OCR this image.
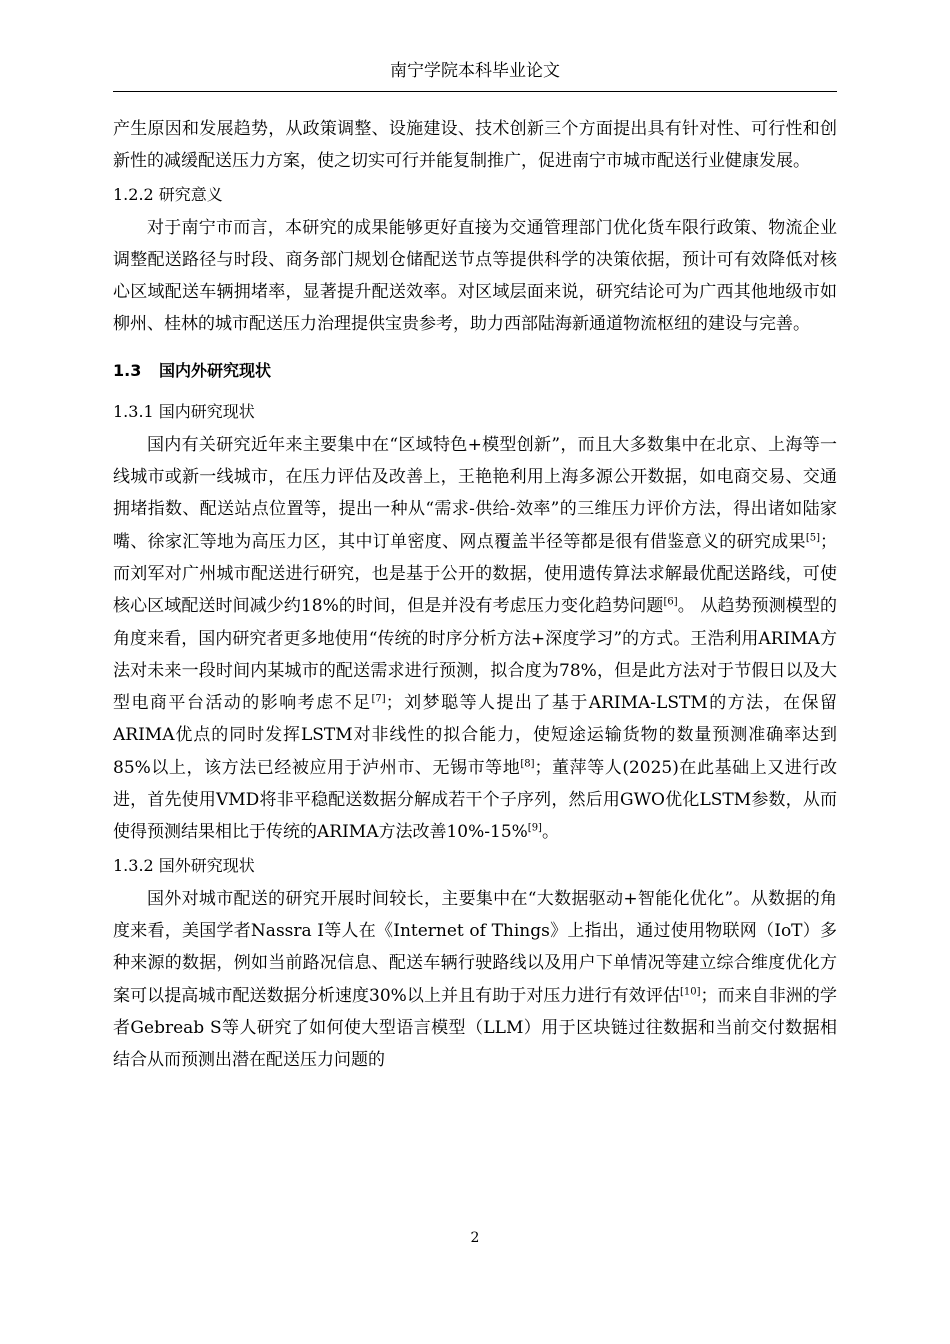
南宁学院本科毕业论文

产生原因和发展趋势，从政策调整、设施建设、技术创新三个方面提出具有针对性、可行性和创新性的减缓配送压力方案，使之切实可行并能复制推广，促进南宁市城市配送行业健康发展。

1.2.2 研究意义

对于南宁市而言，本研究的成果能够更好直接为交通管理部门优化货车限行政策、物流企业调整配送路径与时段、商务部门规划仓储配送节点等提供科学的决策依据，预计可有效降低对核心区域配送车辆拥堵率，显著提升配送效率。对区域层面来说，研究结论可为广西其他地级市如柳州、桂林的城市配送压力治理提供宝贵参考，助力西部陆海新通道物流枢纽的建设与完善。

1.3 国内外研究现状

1.3.1 国内研究现状

国内有关研究近年来主要集中在“区域特色+模型创新”，而且大多数集中在北京、上海等一线城市或新一线城市，在压力评估及改善上，王艳艳利用上海多源公开数据，如电商交易、交通拥堵指数、配送站点位置等，提出一种从“需求-供给-效率”的三维压力评价方法，得出诸如陆家嘴、徐家汇等地为高压力区，其中订单密度、网点覆盖半径等都是很有借鉴意义的研究成果[5]；而刘军对广州城市配送进行研究，也是基于公开的数据，使用遗传算法求解最优配送路线，可使核心区域配送时间减少约18%的时间，但是并没有考虑压力变化趋势问题[6]。 从趋势预测模型的角度来看，国内研究者更多地使用“传统的时序分析方法+深度学习”的方式。王浩利用ARIMA方法对未来一段时间内某城市的配送需求进行预测，拟合度为78%，但是此方法对于节假日以及大型电商平台活动的影响考虑不足[7]；刘梦聪等人提出了基于ARIMA-LSTM的方法，在保留ARIMA优点的同时发挥LSTM对非线性的拟合能力，使短途运输货物的数量预测准确率达到85%以上，该方法已经被应用于泸州市、无锡市等地[8]；董萍等人(2025)在此基础上又进行改进，首先使用VMD将非平稳配送数据分解成若干个子序列，然后用GWO优化LSTM参数，从而使得预测结果相比于传统的ARIMA方法改善10%-15%[9]。

1.3.2 国外研究现状

国外对城市配送的研究开展时间较长，主要集中在“大数据驱动+智能化优化”。从数据的角度来看，美国学者Nassra I等人在《Internet of Things》上指出，通过使用物联网（IoT）多种来源的数据，例如当前路况信息、配送车辆行驶路线以及用户下单情况等建立综合维度优化方案可以提高城市配送数据分析速度30%以上并且有助于对压力进行有效评估[10]；而来自非洲的学者Gebreab S等人研究了如何使大型语言模型（LLM）用于区块链过往数据和当前交付数据相结合从而预测出潜在配送压力问题的

2
